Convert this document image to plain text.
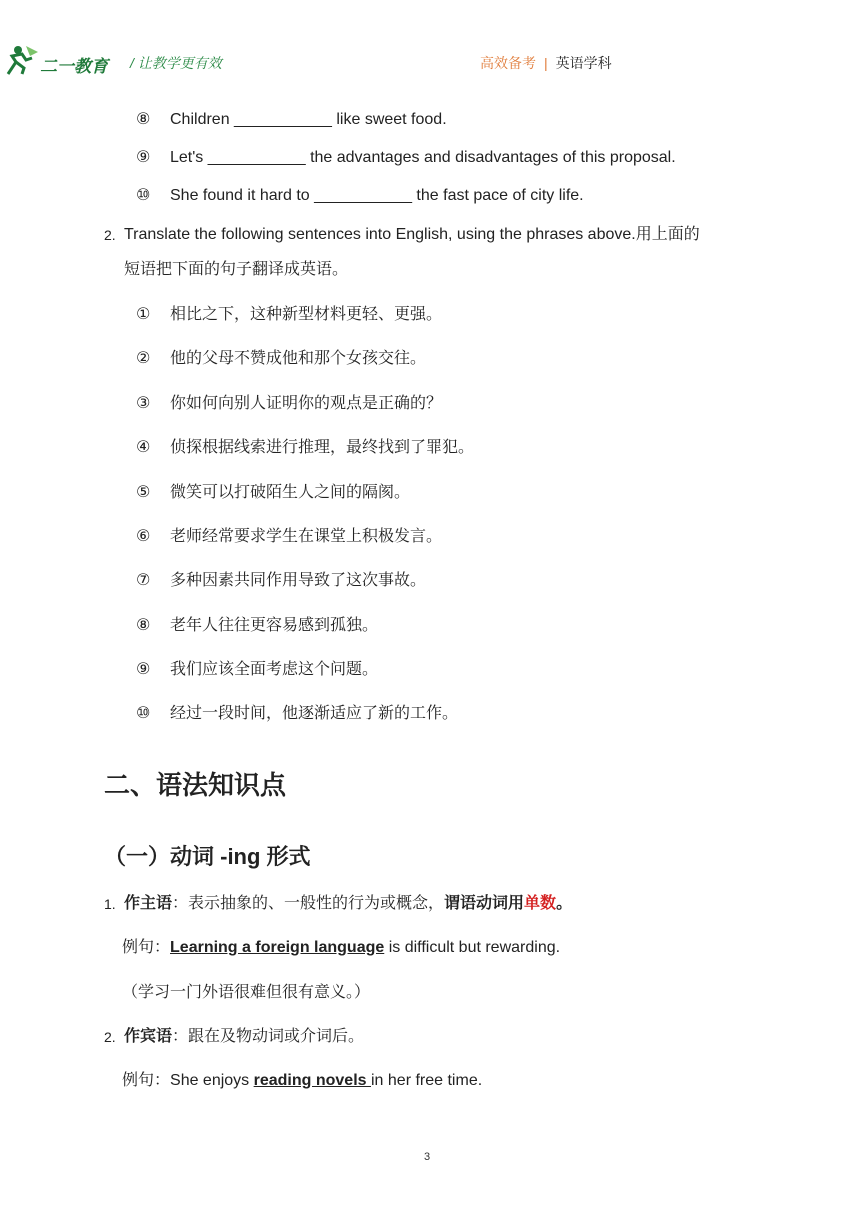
二一教育 / 让教学更有效	高效备考 | 英语学科
⑧ Children ___________ like sweet food.
⑨ Let's ___________ the advantages and disadvantages of this proposal.
⑩ She found it hard to ___________ the fast pace of city life.
2. Translate the following sentences into English, using the phrases above.用上面的
短语把下面的句子翻译成英语。
① 相比之下，这种新型材料更轻、更强。
② 他的父母不赞成他和那个女孩交往。
③ 你如何向别人证明你的观点是正确的？
④ 侦探根据线索进行推理，最终找到了罪犯。
⑤ 微笑可以打破陌生人之间的隔阂。
⑥ 老师经常要求学生在课堂上积极发言。
⑦ 多种因素共同作用导致了这次事故。
⑧ 老年人往往更容易感到孤独。
⑨ 我们应该全面考虑这个问题。
⑩ 经过一段时间，他逐渐适应了新的工作。
二、语法知识点
（一）动词 -ing 形式
1. 作主语：表示抽象的、一般性的行为或概念，谓语动词用单数。
例句：Learning a foreign language is difficult but rewarding.
（学习一门外语很难但很有意义。）
2. 作宾语：跟在及物动词或介词后。
例句：She enjoys reading novels in her free time.
3
